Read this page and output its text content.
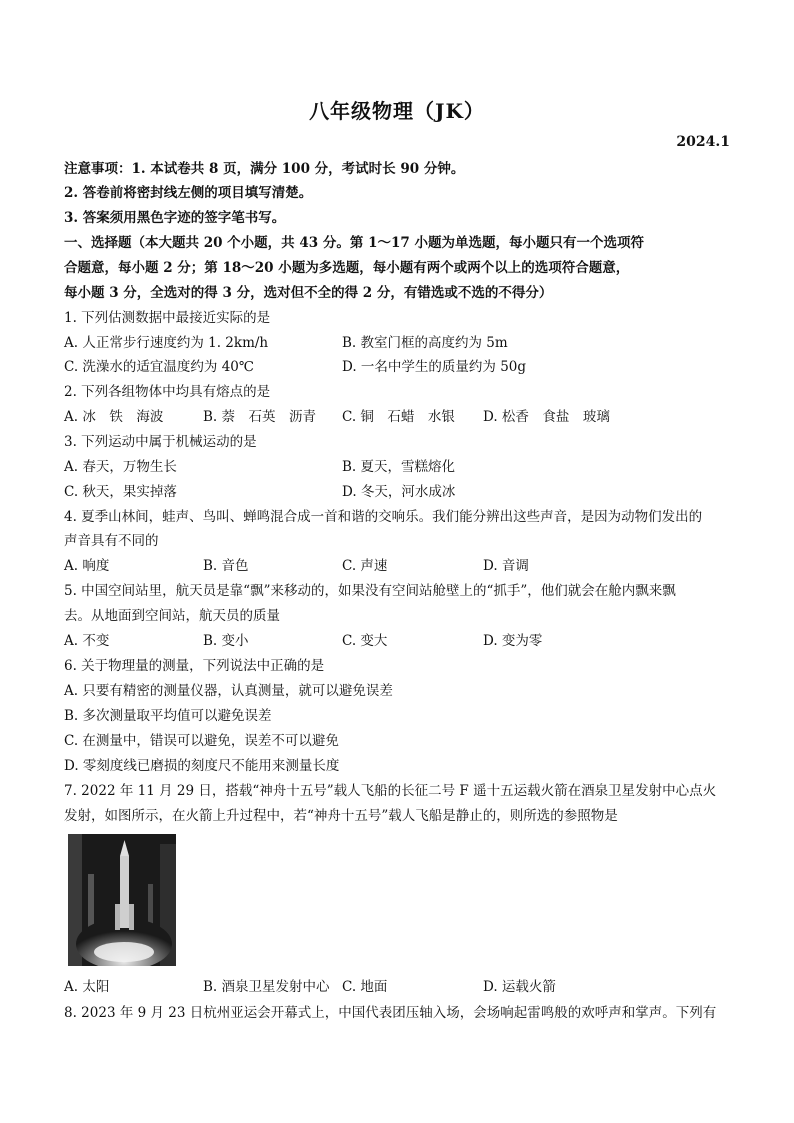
八年级物理（JK）
2024.1
注意事项：1. 本试卷共 8 页，满分 100 分，考试时长 90 分钟。
2. 答卷前将密封线左侧的项目填写清楚。
3. 答案须用黑色字迹的签字笔书写。
一、选择题（本大题共 20 个小题，共 43 分。第 1～17 小题为单选题，每小题只有一个选项符
合题意，每小题 2 分；第 18～20 小题为多选题，每小题有两个或两个以上的选项符合题意，
每小题 3 分，全选对的得 3 分，选对但不全的得 2 分，有错选或不选的不得分）
1. 下列估测数据中最接近实际的是
A. 人正常步行速度约为 1. 2km/h	B. 教室门框的高度约为 5m
C. 洗澡水的适宜温度约为 40℃	D. 一名中学生的质量约为 50g
2. 下列各组物体中均具有熔点的是
A. 冰　铁　海波	B. 萘　石英　沥青 C. 铜　石蜡　水银 D. 松香　食盐　玻璃
3. 下列运动中属于机械运动的是
A. 春天，万物生长	B. 夏天，雪糕熔化
C. 秋天，果实掉落	D. 冬天，河水成冰
4. 夏季山林间，蛙声、鸟叫、蝉鸣混合成一首和谐的交响乐。我们能分辨出这些声音，是因为动物们发出的
声音具有不同的
A. 响度	B. 音色	C. 声速	D. 音调
5. 中国空间站里，航天员是靠“飘”来移动的，如果没有空间站舱壁上的“抓手”，他们就会在舱内飘来飘
去。从地面到空间站，航天员的质量
A. 不变	B. 变小	C. 变大	D. 变为零
6. 关于物理量的测量，下列说法中正确的是
A. 只要有精密的测量仪器，认真测量，就可以避免误差
B. 多次测量取平均值可以避免误差
C. 在测量中，错误可以避免，误差不可以避免
D. 零刻度线已磨损的刻度尺不能用来测量长度
7. 2022 年 11 月 29 日，搭载“神舟十五号”载人飞船的长征二号 F 遥十五运载火箭在酒泉卫星发射中心点火
发射，如图所示，在火箭上升过程中，若“神舟十五号”载人飞船是静止的，则所选的参照物是
A. 太阳	B. 酒泉卫星发射中心 C. 地面	D. 运载火箭
8. 2023 年 9 月 23 日杭州亚运会开幕式上，中国代表团压轴入场，会场响起雷鸣般的欢呼声和掌声。下列有
